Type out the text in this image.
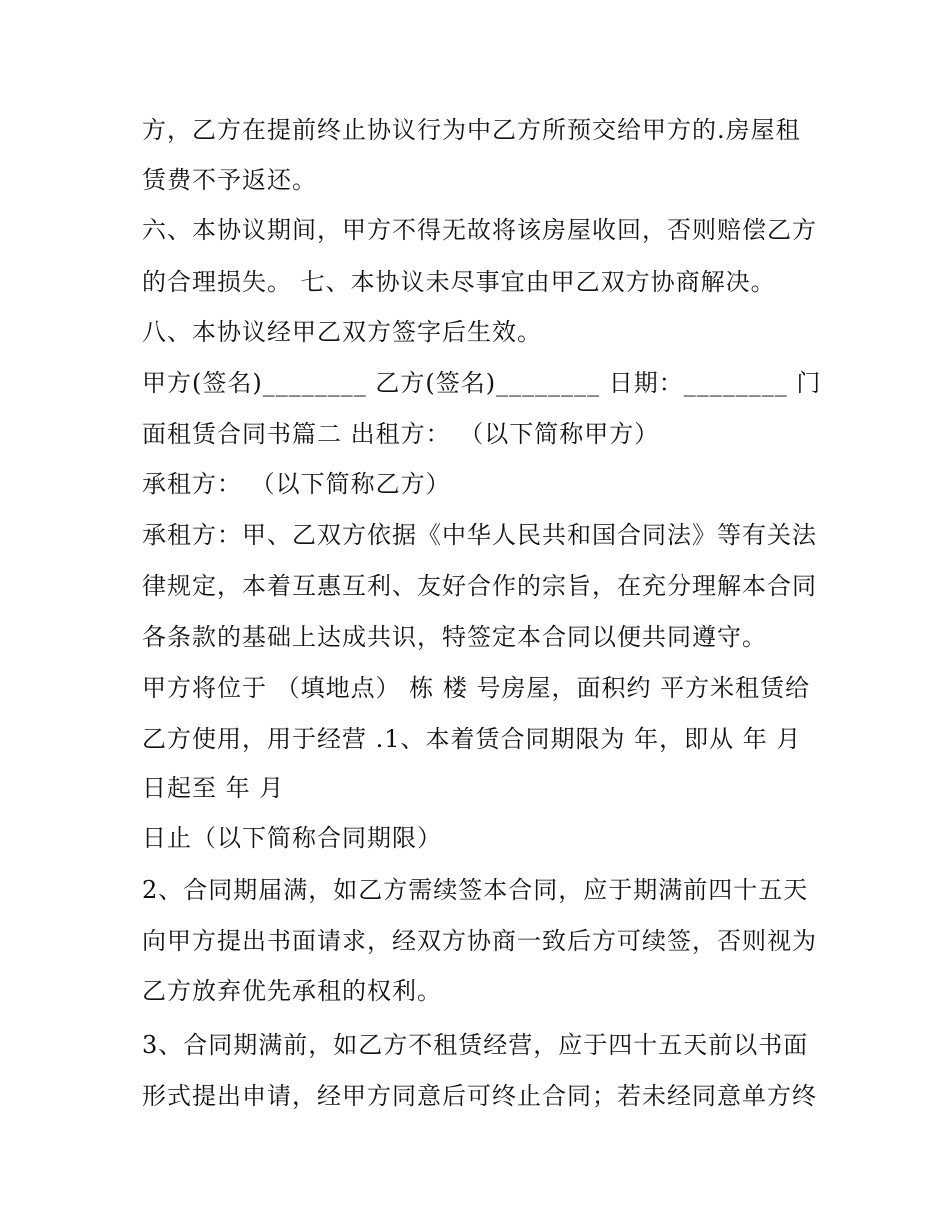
方，乙方在提前终止协议行为中乙方所预交给甲方的.房屋租
赁费不予返还。
六、本协议期间，甲方不得无故将该房屋收回，否则赔偿乙方
的合理损失。 七、本协议未尽事宜由甲乙双方协商解决。
八、本协议经甲乙双方签字后生效。
甲方(签名)________ 乙方(签名)________ 日期：________ 门
面租赁合同书篇二 出租方： （以下简称甲方）
承租方： （以下简称乙方）
承租方：甲、乙双方依据《中华人民共和国合同法》等有关法
律规定，本着互惠互利、友好合作的宗旨，在充分理解本合同
各条款的基础上达成共识，特签定本合同以便共同遵守。
甲方将位于 （填地点） 栋 楼 号房屋，面积约 平方米租赁给
乙方使用，用于经营 .1、本着赁合同期限为 年，即从 年 月
日起至 年 月
日止（以下简称合同期限）
2、合同期届满，如乙方需续签本合同，应于期满前四十五天
向甲方提出书面请求，经双方协商一致后方可续签，否则视为
乙方放弃优先承租的权利。
3、合同期满前，如乙方不租赁经营，应于四十五天前以书面
形式提出申请，经甲方同意后可终止合同；若未经同意单方终
